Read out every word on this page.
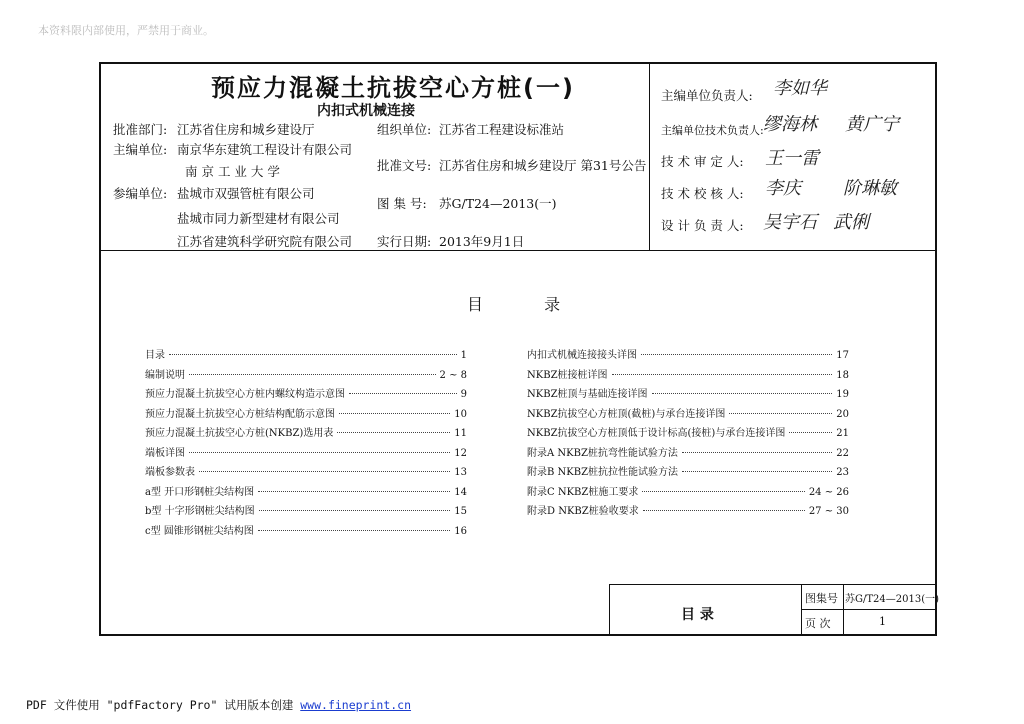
本资料限内部使用，严禁用于商业。
预应力混凝土抗拔空心方桩(一)
内扣式机械连接
批准部门: 江苏省住房和城乡建设厅
主编单位: 南京华东建筑工程设计有限公司
南 京 工 业 大 学
参编单位: 盐城市双强管桩有限公司
盐城市同力新型建材有限公司
江苏省建筑科学研究院有限公司
组织单位: 江苏省工程建设标准站
批准文号: 江苏省住房和城乡建设厅 第31号公告
图 集 号: 苏G/T24—2013(一)
实行日期: 2013年9月1日
主编单位负责人: 李如华
主编单位技术负责人: 缪海林 黄广宁
技 术 审 定 人: 王一雷
技 术 校 核 人: 李庆 阶琳敏
设 计 负 责 人: 吴宇石 武俐
目 录
目录	1
编制说明	2 ~ 8
预应力混凝土抗拔空心方桩内螺纹构造示意图	9
预应力混凝土抗拔空心方桩结构配筋示意图	10
预应力混凝土抗拔空心方桩(NKBZ)选用表	11
端板详图	12
端板参数表	13
a型 开口形钢桩尖结构图	14
b型 十字形钢桩尖结构图	15
c型 圆锥形钢桩尖结构图	16
内扣式机械连接接头详图	17
NKBZ桩接桩详图	18
NKBZ桩顶与基础连接详图	19
NKBZ抗拔空心方桩顶(截桩)与承台连接详图	20
NKBZ抗拔空心方桩顶低于设计标高(接桩)与承台连接详图	21
附录A NKBZ桩抗弯性能试验方法	22
附录B NKBZ桩抗拉性能试验方法	23
附录C NKBZ桩施工要求	24 ~ 26
附录D NKBZ桩验收要求	27 ~ 30
目 录
图集号 苏G/T24—2013(一)
页 次	1
PDF 文件使用 "pdfFactory Pro" 试用版本创建 www.fineprint.cn
